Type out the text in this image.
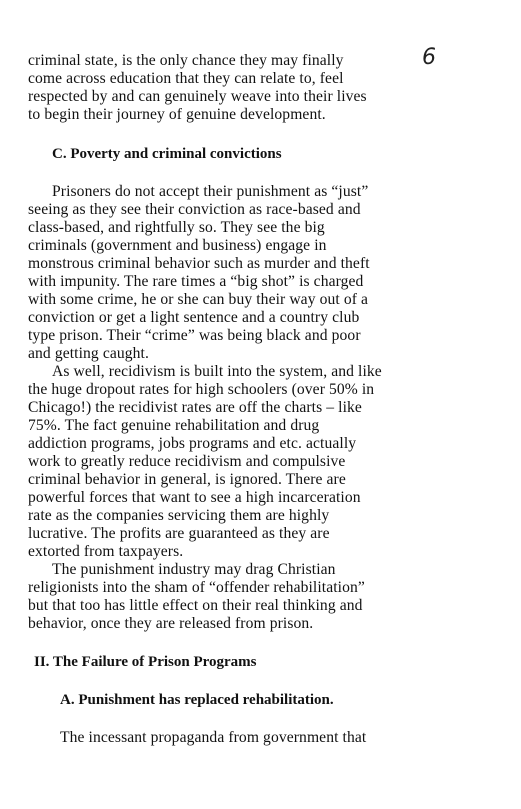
6
criminal state, is the only chance they may finally
come across education that they can relate to, feel
respected by and can genuinely weave into their lives
to begin their journey of genuine development.
C. Poverty and criminal convictions
Prisoners do not accept their punishment as “just”
seeing as they see their conviction as race-based and
class-based, and rightfully so. They see the big
criminals (government and business) engage in
monstrous criminal behavior such as murder and theft
with impunity. The rare times a “big shot” is charged
with some crime, he or she can buy their way out of a
conviction or get a light sentence and a country club
type prison. Their “crime” was being black and poor
and getting caught.
As well, recidivism is built into the system, and like
the huge dropout rates for high schoolers (over 50% in
Chicago!) the recidivist rates are off the charts – like
75%. The fact genuine rehabilitation and drug
addiction programs, jobs programs and etc. actually
work to greatly reduce recidivism and compulsive
criminal behavior in general, is ignored. There are
powerful forces that want to see a high incarceration
rate as the companies servicing them are highly
lucrative. The profits are guaranteed as they are
extorted from taxpayers.
The punishment industry may drag Christian
religionists into the sham of “offender rehabilitation”
but that too has little effect on their real thinking and
behavior, once they are released from prison.
II. The Failure of Prison Programs
A. Punishment has replaced rehabilitation.
The incessant propaganda from government that
